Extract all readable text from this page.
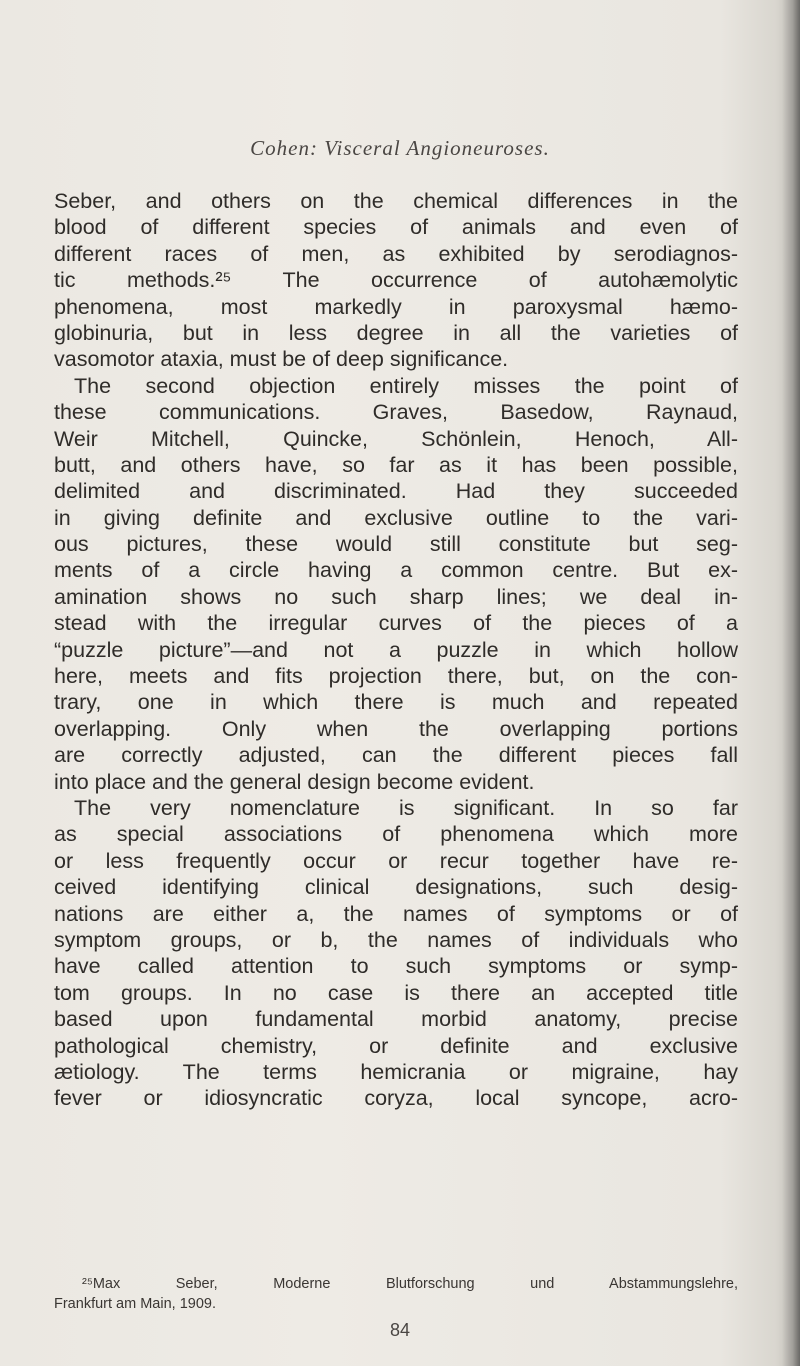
Cohen: Visceral Angioneuroses.
Seber, and others on the chemical differences in the
blood of different species of animals and even of
different races of men, as exhibited by serodiagnos-
tic methods.²⁵ The occurrence of autohæmolytic
phenomena, most markedly in paroxysmal hæmo-
globinuria, but in less degree in all the varieties of
vasomotor ataxia, must be of deep significance.
The second objection entirely misses the point of
these communications. Graves, Basedow, Raynaud,
Weir Mitchell, Quincke, Schönlein, Henoch, All-
butt, and others have, so far as it has been possible,
delimited and discriminated. Had they succeeded
in giving definite and exclusive outline to the vari-
ous pictures, these would still constitute but seg-
ments of a circle having a common centre. But ex-
amination shows no such sharp lines; we deal in-
stead with the irregular curves of the pieces of a
“puzzle picture”—and not a puzzle in which hollow
here, meets and fits projection there, but, on the con-
trary, one in which there is much and repeated
overlapping. Only when the overlapping portions
are correctly adjusted, can the different pieces fall
into place and the general design become evident.
The very nomenclature is significant. In so far
as special associations of phenomena which more
or less frequently occur or recur together have re-
ceived identifying clinical designations, such desig-
nations are either a, the names of symptoms or of
symptom groups, or b, the names of individuals who
have called attention to such symptoms or symp-
tom groups. In no case is there an accepted title
based upon fundamental morbid anatomy, precise
pathological chemistry, or definite and exclusive
ætiology. The terms hemicrania or migraine, hay
fever or idiosyncratic coryza, local syncope, acro-
²⁵Max Seber, Moderne Blutforschung und Abstammungslehre,
Frankfurt am Main, 1909.
84
